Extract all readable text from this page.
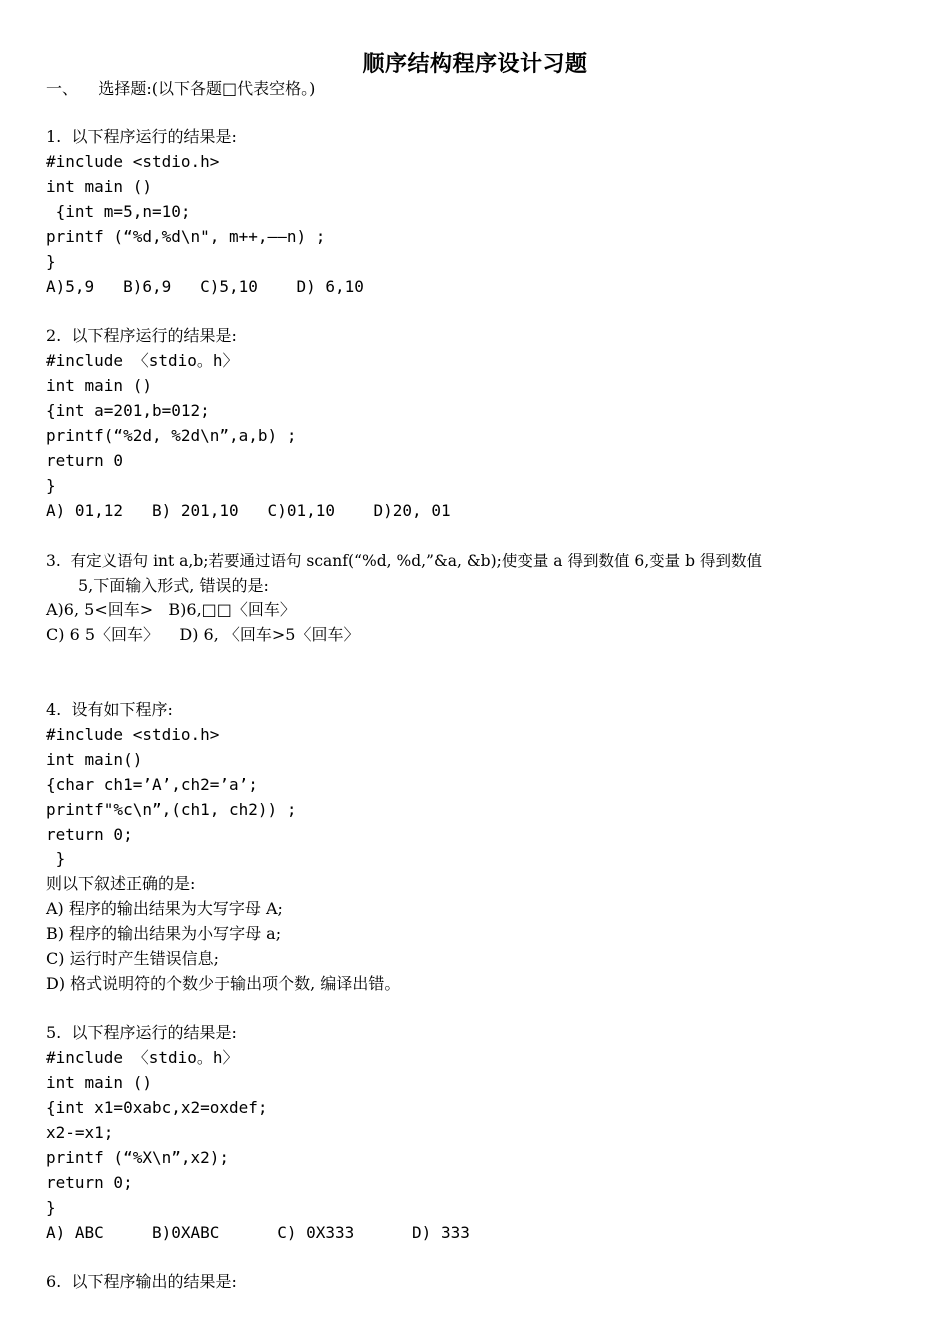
顺序结构程序设计习题
一、    选择题:(以下各题□代表空格。)
1.  以下程序运行的结果是:
#include <stdio.h>
int main ()
{int m=5,n=10;
printf (“%d,%d\n", m++,——n) ;
}
A)5,9   B)6,9   C)5,10    D) 6,10
2.  以下程序运行的结果是:
#include 〈stdio。h〉
int main ()
{int a=201,b=012;
printf(“%2d, %2d\n”,a,b) ;
return 0
}
A) 01,12   B) 201,10   C)01,10    D)20, 01
3.  有定义语句 int a,b;若要通过语句 scanf(“%d, %d,”&a, &b);使变量 a 得到数值 6,变量 b 得到数值
5,下面输入形式, 错误的是:
A)6, 5<回车>   B)6,□□〈回车〉
C) 6 5〈回车〉    D) 6, 〈回车>5〈回车〉
4.  设有如下程序:
#include <stdio.h>
int main()
{char ch1=’A’,ch2=’a’;
printf"%c\n”,(ch1, ch2)) ;
return 0;
}
则以下叙述正确的是:
A) 程序的输出结果为大写字母 A;
B) 程序的输出结果为小写字母 a;
C) 运行时产生错误信息;
D) 格式说明符的个数少于输出项个数, 编译出错。
5.  以下程序运行的结果是:
#include 〈stdio。h〉
int main ()
{int x1=0xabc,x2=oxdef;
x2-=x1;
printf (“%X\n”,x2);
return 0;
}
A) ABC     B)0XABC      C) 0X333      D) 333
6.  以下程序输出的结果是:
